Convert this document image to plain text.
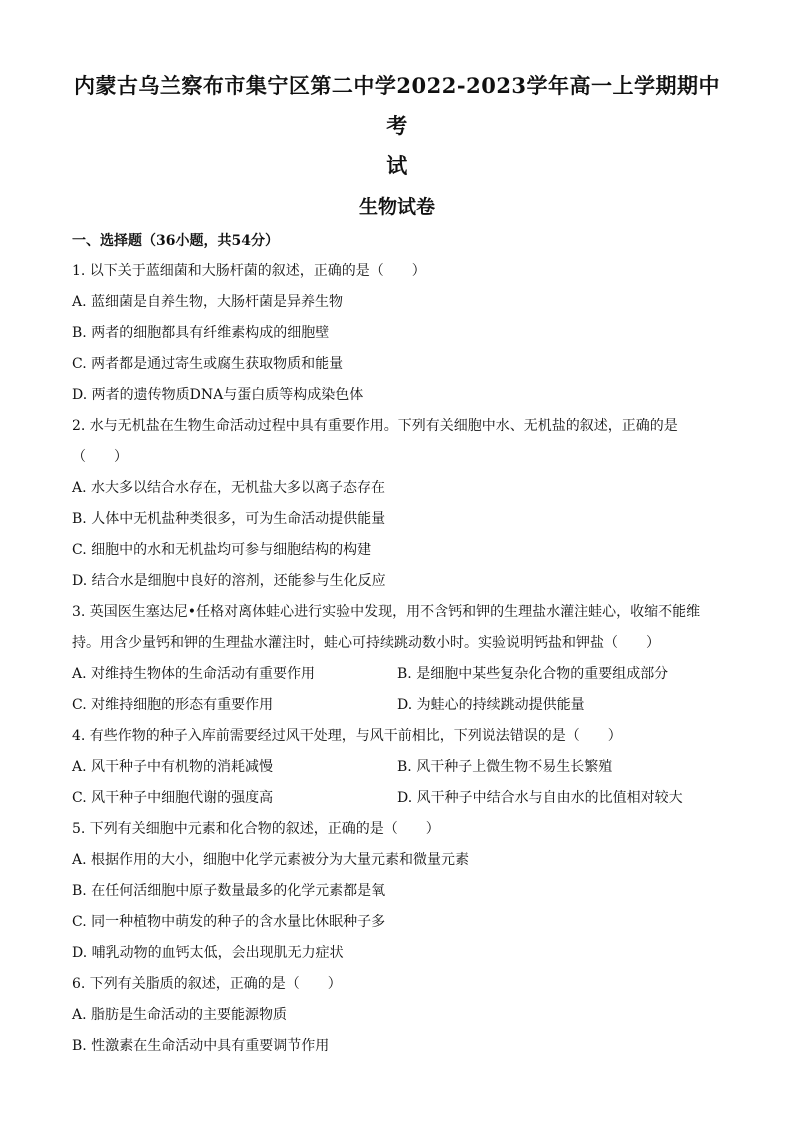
内蒙古乌兰察布市集宁区第二中学2022-2023学年高一上学期期中考
试
生物试卷
一、选择题（36小题，共54分）
1. 以下关于蓝细菌和大肠杆菌的叙述，正确的是（　　）
A. 蓝细菌是自养生物，大肠杆菌是异养生物
B. 两者的细胞都具有纤维素构成的细胞壁
C. 两者都是通过寄生或腐生获取物质和能量
D. 两者的遗传物质DNA与蛋白质等构成染色体
2. 水与无机盐在生物生命活动过程中具有重要作用。下列有关细胞中水、无机盐的叙述，正确的是（　　）
A. 水大多以结合水存在，无机盐大多以离子态存在
B. 人体中无机盐种类很多，可为生命活动提供能量
C. 细胞中的水和无机盐均可参与细胞结构的构建
D. 结合水是细胞中良好的溶剂，还能参与生化反应
3. 英国医生塞达尼•任格对离体蛙心进行实验中发现，用不含钙和钾的生理盐水灌注蛙心，收缩不能维持。用含少量钙和钾的生理盐水灌注时，蛙心可持续跳动数小时。实验说明钙盐和钾盐（　　）
A. 对维持生物体的生命活动有重要作用	B. 是细胞中某些复杂化合物的重要组成部分
C. 对维持细胞的形态有重要作用	D. 为蛙心的持续跳动提供能量
4. 有些作物的种子入库前需要经过风干处理，与风干前相比，下列说法错误的是（　　）
A. 风干种子中有机物的消耗减慢	B. 风干种子上微生物不易生长繁殖
C. 风干种子中细胞代谢的强度高	D. 风干种子中结合水与自由水的比值相对较大
5. 下列有关细胞中元素和化合物的叙述，正确的是（　　）
A. 根据作用的大小，细胞中化学元素被分为大量元素和微量元素
B. 在任何活细胞中原子数量最多的化学元素都是氧
C. 同一种植物中萌发的种子的含水量比休眠种子多
D. 哺乳动物的血钙太低，会出现肌无力症状
6. 下列有关脂质的叙述，正确的是（　　）
A. 脂肪是生命活动的主要能源物质
B. 性激素在生命活动中具有重要调节作用
